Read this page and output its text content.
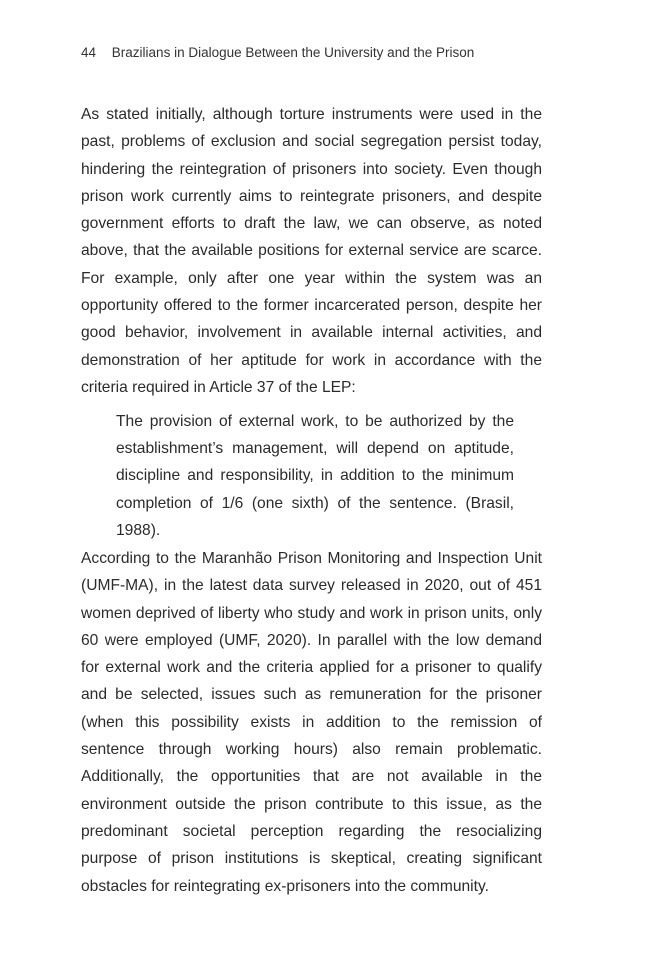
44 Brazilians in Dialogue Between the University and the Prison

As stated initially, although torture instruments were used in the past, problems of exclusion and social segregation persist today, hindering the reintegration of prisoners into society. Even though prison work currently aims to reintegrate prisoners, and despite government efforts to draft the law, we can observe, as noted above, that the available positions for external service are scarce. For example, only after one year within the system was an opportunity offered to the former incarcerated person, despite her good behavior, involvement in available internal activities, and demonstration of her aptitude for work in accordance with the criteria required in Article 37 of the LEP:

The provision of external work, to be authorized by the establishment’s management, will depend on aptitude, discipline and responsibility, in addition to the minimum completion of 1/6 (one sixth) of the sentence. (Brasil, 1988).

According to the Maranhão Prison Monitoring and Inspection Unit (UMF-MA), in the latest data survey released in 2020, out of 451 women deprived of liberty who study and work in prison units, only 60 were employed (UMF, 2020). In parallel with the low demand for external work and the criteria applied for a prisoner to qualify and be selected, issues such as remuneration for the prisoner (when this possibility exists in addition to the remission of sentence through working hours) also remain problematic. Additionally, the opportunities that are not available in the environment outside the prison contribute to this issue, as the predominant societal perception regarding the resocializing purpose of prison institutions is skeptical, creating significant obstacles for reintegrating ex-prisoners into the community.
